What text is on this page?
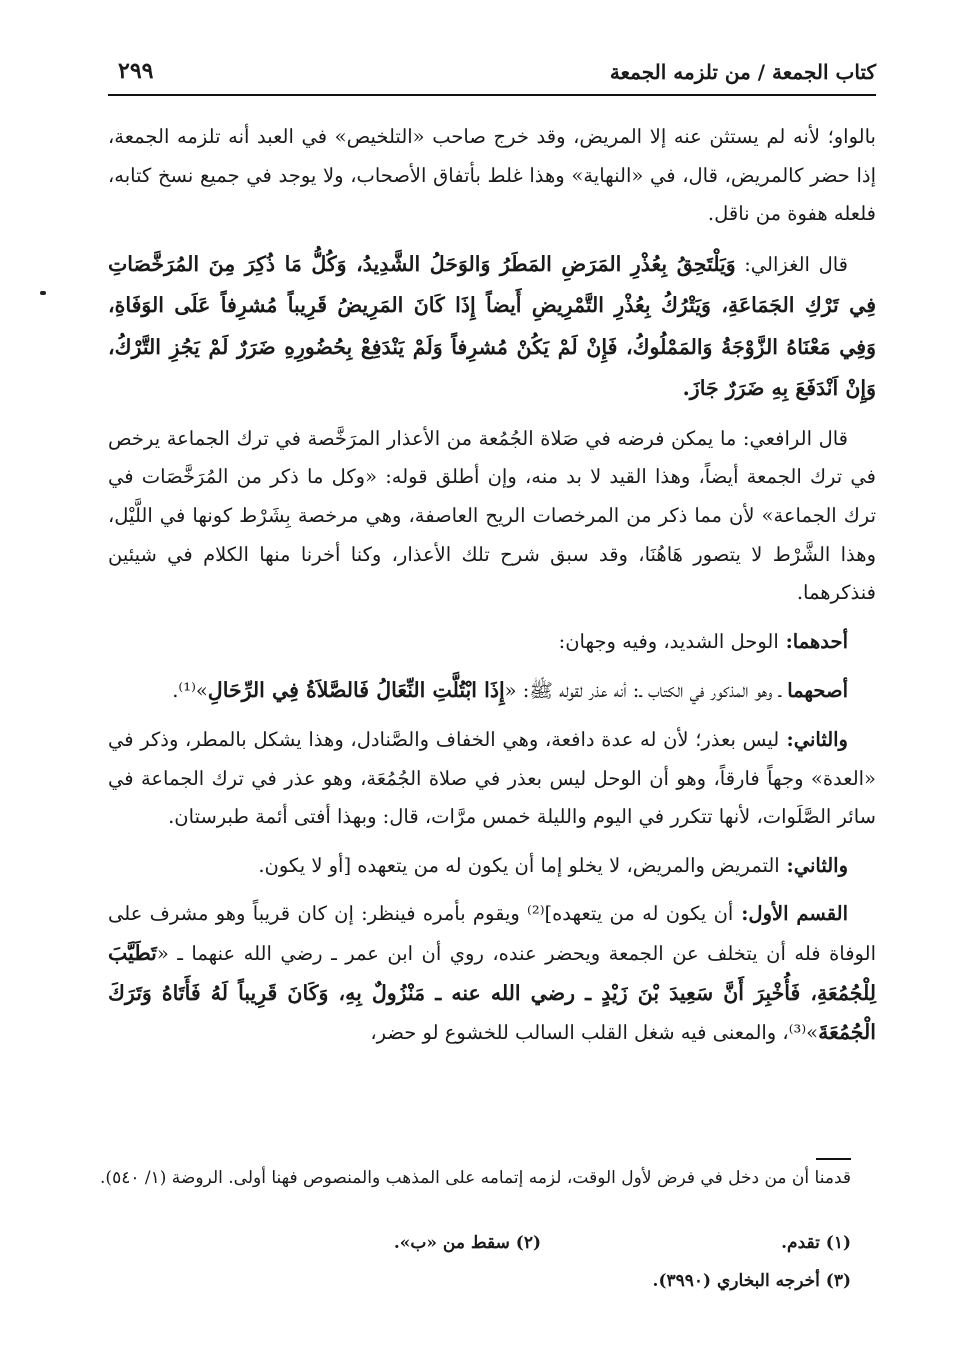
كتاب الجمعة / من تلزمه الجمعة
٢٩٩

بالواو؛ لأنه لم يستثن عنه إلا المريض، وقد خرج صاحب «التلخيص» في العبد أنه تلزمه الجمعة، إذا حضر كالمريض، قال، في «النهاية» وهذا غلط بأتفاق الأصحاب، ولا يوجد في جميع نسخ كتابه، فلعله هفوة من ناقل.

قال الغزالي: وَيَلْتَحِقُ بِعُذْرِ المَرَضِ المَطَرُ وَالوَحَلُ الشَّدِيدُ، وَكُلُّ مَا ذُكِرَ مِنَ المُرَخَّصَاتِ فِي تَرْكِ الجَمَاعَةِ، وَيَتْرُكُ بِعُذْرِ التَّمْرِيضِ أَيضاً إِذَا كَانَ المَرِيضُ قَرِيباً مُشرِفاً عَلَى الوَفَاةِ، وَفِي مَعْنَاهُ الزَّوْجَةُ وَالمَمْلُوكُ، فَإِنْ لَمْ يَكُنْ مُشرِفاً وَلَمْ يَنْدَفِعْ بِحُضُورِهِ ضَرَرٌ لَمْ يَجُزِ التَّرْكُ، وَإِنْ اَنْدَفَعَ بِهِ ضَرَرٌ جَازَ.

قال الرافعي: ما يمكن فرضه في صَلاة الجُمُعة من الأعذار المرَخَّصة في ترك الجماعة يرخص في ترك الجمعة أيضاً، وهذا القيد لا بد منه، وإن أطلق قوله: «وكل ما ذكر من المُرَخَّصَات في ترك الجماعة» لأن مما ذكر من المرخصات الريح العاصفة، وهي مرخصة بِشَرْط كونها في اللَّيْل، وهذا الشَّرْط لا يتصور هَاهُنَا، وقد سبق شرح تلك الأعذار، وكنا أخرنا منها الكلام في شيئين فنذكرهما.

أحدهما: الوحل الشديد، وفيه وجهان:

أصحهما ـ وهو المذكور في الكتاب ـ: أنه عذر لقوله ﷺ: «إِذَا ابْتُلَّتِ النِّعَالُ فَالصَّلاَةُ فِي الرِّحَالِ»⁽¹⁾.

والثاني: ليس بعذر؛ لأن له عدة دافعة، وهي الخفاف والصَّنادل، وهذا يشكل بالمطر، وذكر في «العدة» وجهاً فارقاً، وهو أن الوحل ليس بعذر في صلاة الجُمُعَة، وهو عذر في ترك الجماعة في سائر الصَّلَوات، لأنها تتكرر في اليوم والليلة خمس مرَّات، قال: وبهذا أفتى أئمة طبرستان.

والثاني: التمريض والمريض، لا يخلو إما أن يكون له من يتعهده [أو لا يكون.

القسم الأول: أن يكون له من يتعهده]⁽²⁾ ويقوم بأمره فينظر: إن كان قريباً وهو مشرف على الوفاة فله أن يتخلف عن الجمعة ويحضر عنده، روي أن ابن عمر ـ رضي الله عنهما ـ «تَطَيَّبَ لِلْجُمُعَةِ، فَأُخْبِرَ أَنَّ سَعِيدَ بْنَ زَيْدٍ ـ رضي الله عنه ـ مَنْزُولٌ بِهِ، وَكَانَ قَرِيباً لَهُ فَأَتَاهُ وَتَرَكَ الْجُمُعَةَ»⁽³⁾، والمعنى فيه شغل القلب السالب للخشوع لو حضر،

قدمنا أن من دخل في فرض لأول الوقت، لزمه إتمامه على المذهب والمنصوص فهنا أولى. الروضة (١/ ٥٤٠).
(١) تقدم.
(٢) سقط من «ب».
(٣) أخرجه البخاري (٣٩٩٠).
